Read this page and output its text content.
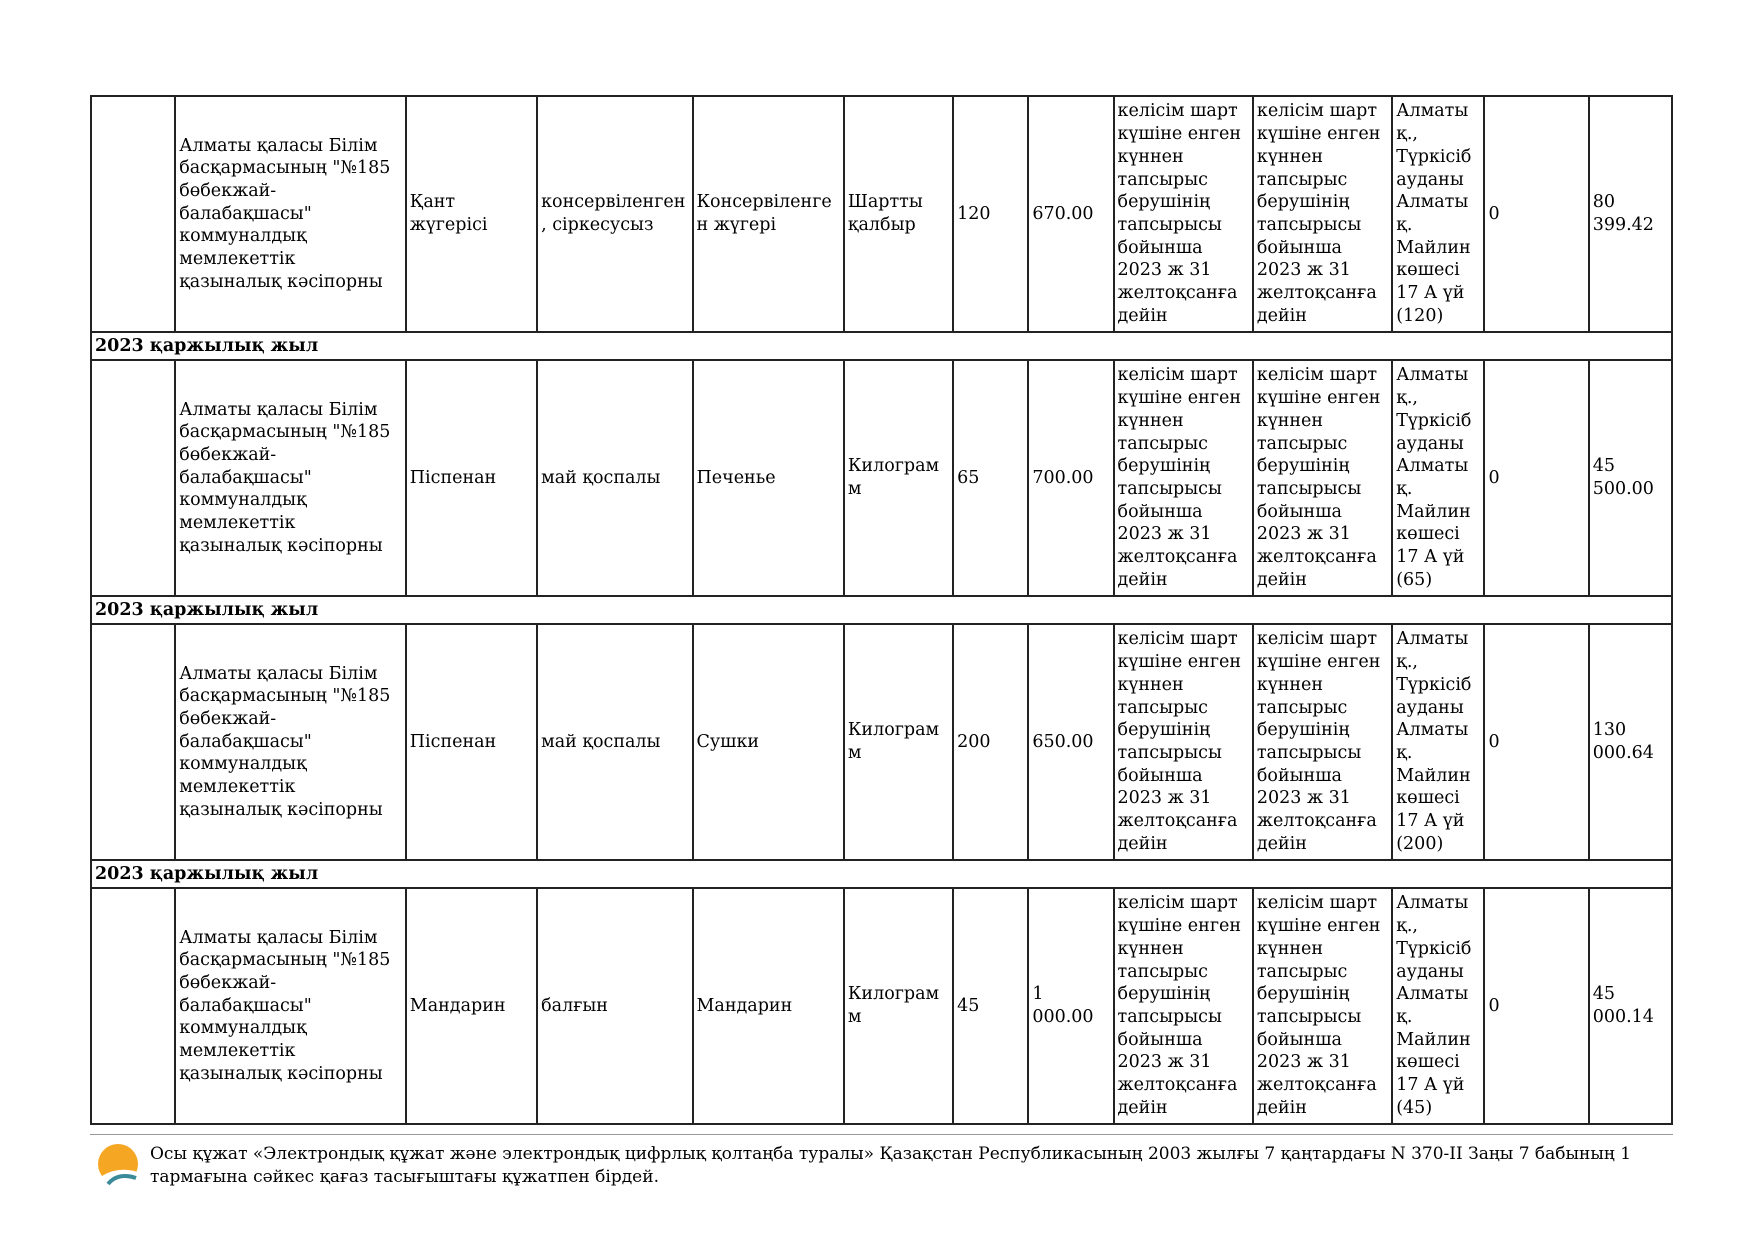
	Алматы қаласы Білім басқармасының "№185 бөбекжай-балабақшасы" коммуналдық мемлекеттік қазыналық кәсіпорны	Қант жүгерісі	консервіленген, сіркесусыз	Консервіленген жүгері	Шартты қалбыр	120	670.00	келісім шарт күшіне енген күннен тапсырыс берушінің тапсырысы бойынша 2023 ж 31 желтоқсанға дейін	келісім шарт күшіне енген күннен тапсырыс берушінің тапсырысы бойынша 2023 ж 31 желтоқсанға дейін	Алматы қ., Түркісіб ауданы Алматы қ. Майлин көшесі 17 А үй (120)	0	80 399.42
2023 қаржылық жыл												
	Алматы қаласы Білім басқармасының "№185 бөбекжай-балабақшасы" коммуналдық мемлекеттік қазыналық кәсіпорны	Піспенан	май қоспалы	Печенье	Килограмм	65	700.00	келісім шарт күшіне енген күннен тапсырыс берушінің тапсырысы бойынша 2023 ж 31 желтоқсанға дейін	келісім шарт күшіне енген күннен тапсырыс берушінің тапсырысы бойынша 2023 ж 31 желтоқсанға дейін	Алматы қ., Түркісіб ауданы Алматы қ. Майлин көшесі 17 А үй (65)	0	45 500.00
2023 қаржылық жыл												
	Алматы қаласы Білім басқармасының "№185 бөбекжай-балабақшасы" коммуналдық мемлекеттік қазыналық кәсіпорны	Піспенан	май қоспалы	Сушки	Килограмм	200	650.00	келісім шарт күшіне енген күннен тапсырыс берушінің тапсырысы бойынша 2023 ж 31 желтоқсанға дейін	келісім шарт күшіне енген күннен тапсырыс берушінің тапсырысы бойынша 2023 ж 31 желтоқсанға дейін	Алматы қ., Түркісіб ауданы Алматы қ. Майлин көшесі 17 А үй (200)	0	130 000.64
2023 қаржылық жыл												
	Алматы қаласы Білім басқармасының "№185 бөбекжай-балабақшасы" коммуналдық мемлекеттік қазыналық кәсіпорны	Мандарин	балғын	Мандарин	Килограмм	45	1 000.00	келісім шарт күшіне енген күннен тапсырыс берушінің тапсырысы бойынша 2023 ж 31 желтоқсанға дейін	келісім шарт күшіне енген күннен тапсырыс берушінің тапсырысы бойынша 2023 ж 31 желтоқсанға дейін	Алматы қ., Түркісіб ауданы Алматы қ. Майлин көшесі 17 А үй (45)	0	45 000.14
Осы құжат «Электрондық құжат және электрондық цифрлық қолтаңба туралы» Қазақстан Республикасының 2003 жылғы 7 қаңтардағы N 370-II Заңы 7 бабының 1 тармағына сәйкес қағаз тасығыштағы құжатпен бірдей.
